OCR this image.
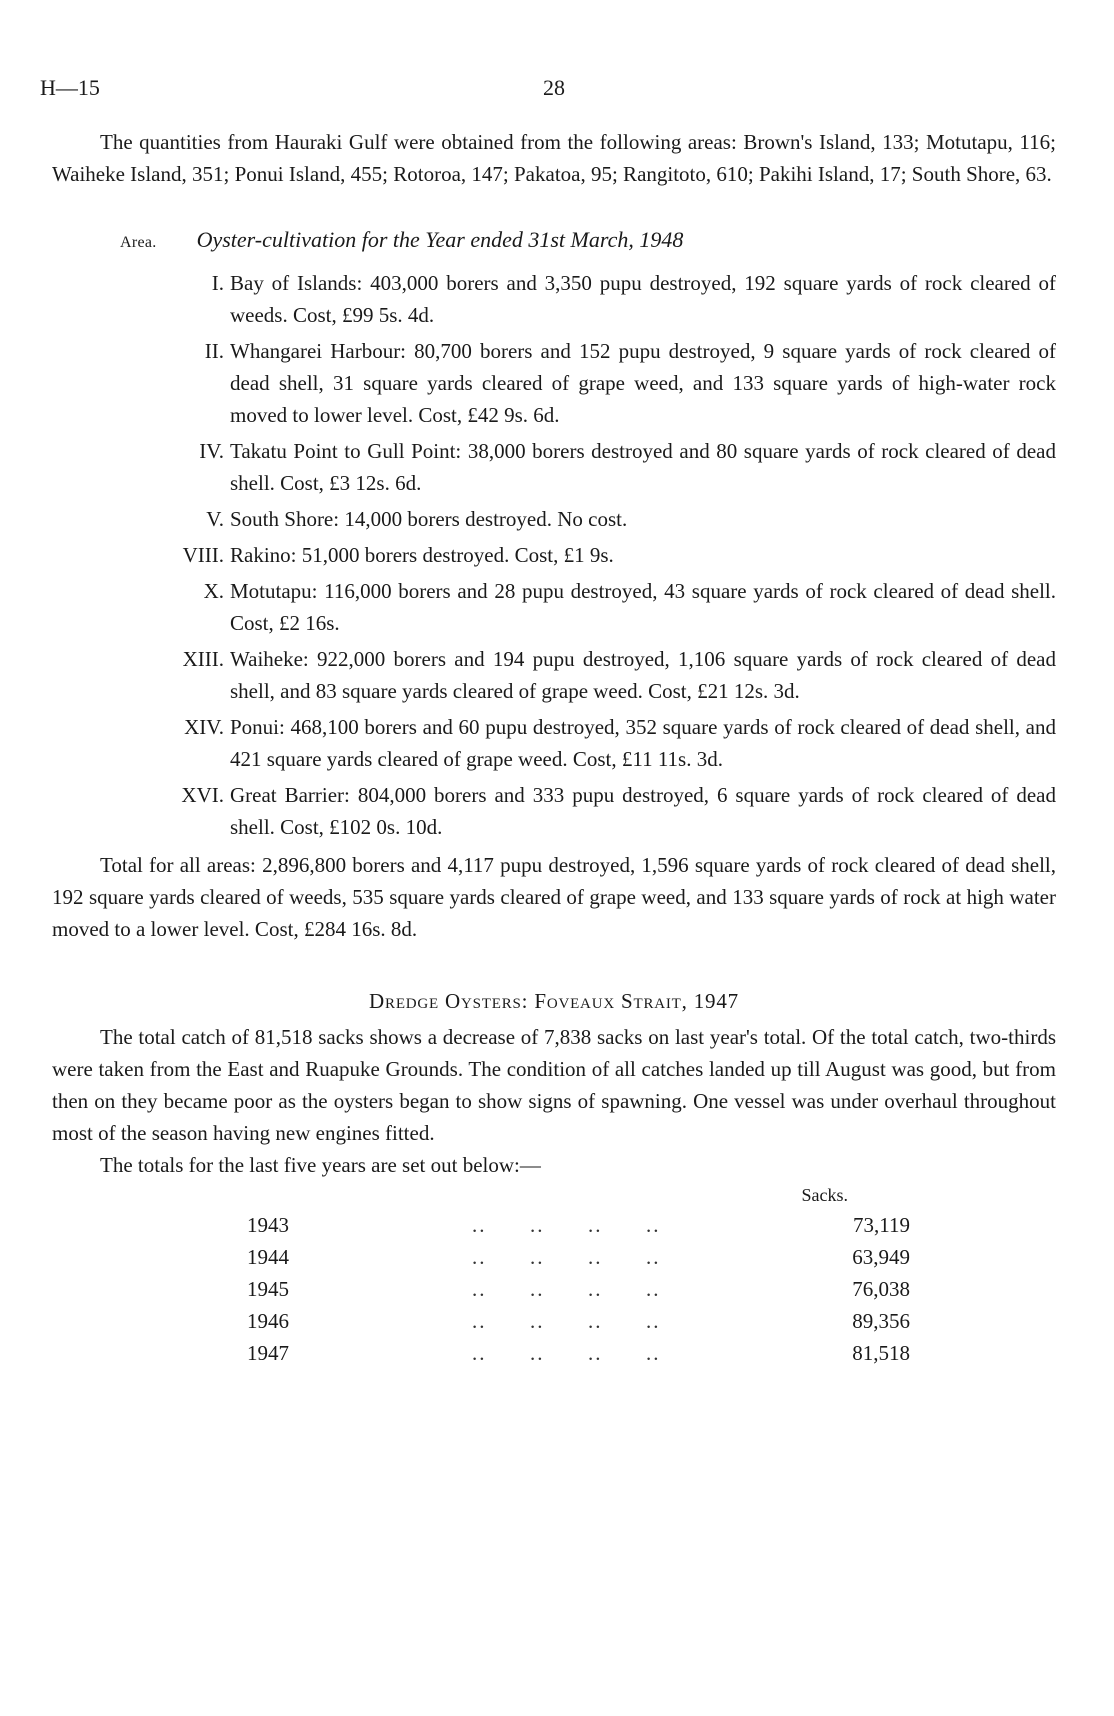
H—15	28

The quantities from Hauraki Gulf were obtained from the following areas: Brown's Island, 133; Motutapu, 116; Waiheke Island, 351; Ponui Island, 455; Rotoroa, 147; Pakatoa, 95; Rangitoto, 610; Pakihi Island, 17; South Shore, 63.

Area. Oyster-cultivation for the Year ended 31st March, 1948
I. Bay of Islands: 403,000 borers and 3,350 pupu destroyed, 192 square yards of rock cleared of weeds. Cost, £99 5s. 4d.
II. Whangarei Harbour: 80,700 borers and 152 pupu destroyed, 9 square yards of rock cleared of dead shell, 31 square yards cleared of grape weed, and 133 square yards of high-water rock moved to lower level. Cost, £42 9s. 6d.
IV. Takatu Point to Gull Point: 38,000 borers destroyed and 80 square yards of rock cleared of dead shell. Cost, £3 12s. 6d.
V. South Shore: 14,000 borers destroyed. No cost.
VIII. Rakino: 51,000 borers destroyed. Cost, £1 9s.
X. Motutapu: 116,000 borers and 28 pupu destroyed, 43 square yards of rock cleared of dead shell. Cost, £2 16s.
XIII. Waiheke: 922,000 borers and 194 pupu destroyed, 1,106 square yards of rock cleared of dead shell, and 83 square yards cleared of grape weed. Cost, £21 12s. 3d.
XIV. Ponui: 468,100 borers and 60 pupu destroyed, 352 square yards of rock cleared of dead shell, and 421 square yards cleared of grape weed. Cost, £11 11s. 3d.
XVI. Great Barrier: 804,000 borers and 333 pupu destroyed, 6 square yards of rock cleared of dead shell. Cost, £102 0s. 10d.

Total for all areas: 2,896,800 borers and 4,117 pupu destroyed, 1,596 square yards of rock cleared of dead shell, 192 square yards cleared of weeds, 535 square yards cleared of grape weed, and 133 square yards of rock at high water moved to a lower level. Cost, £284 16s. 8d.

Dredge Oysters: Foveaux Strait, 1947

The total catch of 81,518 sacks shows a decrease of 7,838 sacks on last year's total. Of the total catch, two-thirds were taken from the East and Ruapuke Grounds. The condition of all catches landed up till August was good, but from then on they became poor as the oysters began to show signs of spawning. One vessel was under overhaul throughout most of the season having new engines fitted.

The totals for the last five years are set out below:—

Sacks.
1943	..      ..      ..      ..	73,119
1944	..      ..      ..      ..	63,949
1945	..      ..      ..      ..	76,038
1946	..      ..      ..      ..	89,356
1947	..      ..      ..      ..	81,518
